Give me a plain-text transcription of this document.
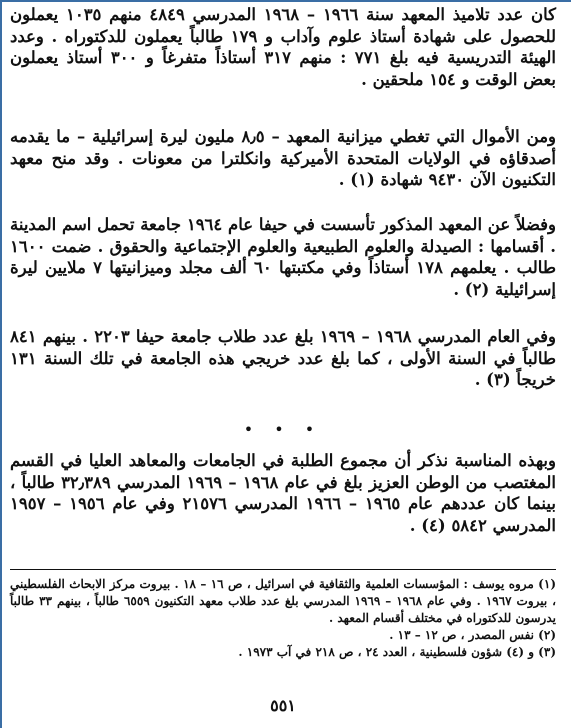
كان عدد تلاميذ المعهد سنة ١٩٦٦ – ١٩٦٨ المدرسي ٤٨٤٩ منهم ١٠٣٥ يعملون للحصول على شهادة أستاذ علوم وآداب و ١٧٩ طالباً يعملون للدكتوراه . وعدد الهيئة التدريسية فيه بلغ ٧٧١ : منهم ٣١٧ أستاذاً متفرغاً و ٣٠٠ أستاذ يعملون بعض الوقت و ١٥٤ ملحقين .

ومن الأموال التي تغطي ميزانية المعهد – ٨٫٥ مليون ليرة إسرائيلية – ما يقدمه أصدقاؤه في الولايات المتحدة الأميركية وانكلترا من معونات . وقد منح معهد التكنيون الآن ٩٤٣٠ شهادة (١) .

وفضلاً عن المعهد المذكور تأسست في حيفا عام ١٩٦٤ جامعة تحمل اسم المدينة . أقسامها : الصيدلة والعلوم الطبيعية والعلوم الإجتماعية والحقوق . ضمت ١٦٠٠ طالب . يعلمهم ١٧٨ أستاذاً وفي مكتبتها ٦٠ ألف مجلد وميزانيتها ٧ ملايين ليرة إسرائيلية (٢) .

وفي العام المدرسي ١٩٦٨ – ١٩٦٩ بلغ عدد طلاب جامعة حيفا ٢٢٠٣ . بينهم ٨٤١ طالباً في السنة الأولى ، كما بلغ عدد خريجي هذه الجامعة في تلك السنة ١٣١ خريجاً (٣) .

• • •

وبهذه المناسبة نذكر أن مجموع الطلبة في الجامعات والمعاهد العليا في القسم المغتصب من الوطن العزيز بلغ في عام ١٩٦٨ – ١٩٦٩ المدرسي ٣٢٫٣٨٩ طالباً ، بينما كان عددهم عام ١٩٦٥ – ١٩٦٦ المدرسي ٢١٥٧٦ وفي عام ١٩٥٦ – ١٩٥٧ المدرسي ٥٨٤٢ (٤) .

(١) مروه يوسف : المؤسسات العلمية والثقافية في اسرائيل ، ص ١٦ – ١٨ . بيروت مركز الابحاث الفلسطيني ، بيروت ١٩٦٧ . وفي عام ١٩٦٨ – ١٩٦٩ المدرسي بلغ عدد طلاب معهد التكنيون ٦٥٥٩ طالباً ، بينهم ٣٣ طالباً يدرسون للدكتوراه في مختلف أقسام المعهد .

(٢) نفس المصدر ، ص ١٢ – ١٣ .

(٣) و (٤) شؤون فلسطينية ، العدد ٢٤ ، ص ٢١٨ في آب ١٩٧٣ .

٥٥١
